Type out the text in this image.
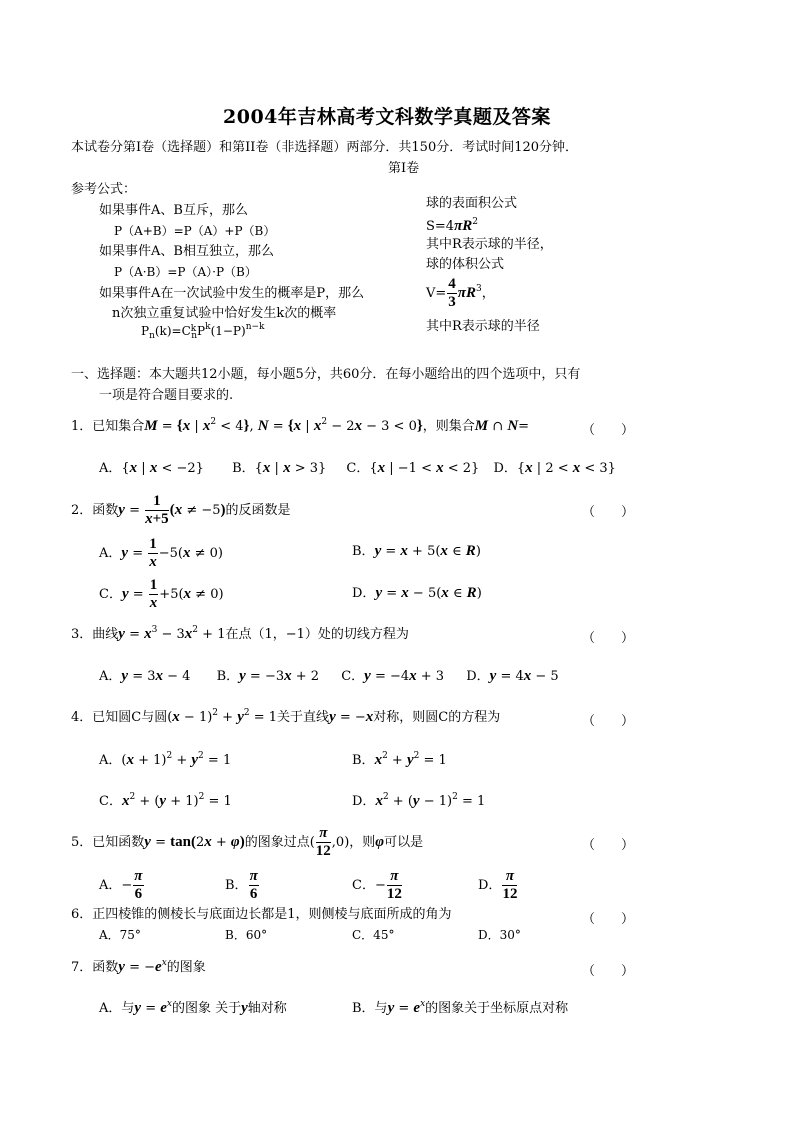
2004年吉林高考文科数学真题及答案
本试卷分第I卷（选择题）和第II卷（非选择题）两部分．共150分．考试时间120分钟．
第I卷
参考公式：
如果事件A、B互斥，那么
P（A+B）=P（A）+P（B）
如果事件A、B相互独立，那么
P（A·B）=P（A）·P（B）
如果事件A在一次试验中发生的概率是P，那么
n次独立重复试验中恰好发生k次的概率
$P_n(k)=C_{kn}P^k(1-P)^{n-k}$
球的表面积公式
$S=4\pi R^2$
其中R表示球的半径，
球的体积公式
$V= \frac{4}{3} \pi R^3$，
其中R表示球的半径
一、选择题：本大题共12小题，每小题5分，共60分．在每小题给出的四个选项中，只有
一项是符合题目要求的.
1．已知集合M = {x | $x^2 < 4$}, N = {x | $x^2 - 2x - 3 < 0$}，则集合M ∩ N=	（　　）
A．{x | x < −2} B．{x | x > 3} C．{x | −1 < x < 2} D．{x | 2 < x < 3}
2．函数$y = \frac{1}{x+5} (x \ne -5)$的反函数是	（　　）
A．$y = \frac{1}{x} -5(x \ne 0)$	B．y = x + 5(x ∈ R)
C．$y = \frac{1}{x} +5(x \ne 0)$	D．y = x − 5(x ∈ R)
3．曲线$y = x^3 - 3x^2 + 1$在点（1，−1）处的切线方程为	（　　）
A．y = 3x − 4 B．y = −3x + 2 C．y = −4x + 3 D．y = 4x − 5
4．已知圆C与圆$(x - 1)^2 + y^2 = 1$关于直线y = −x对称，则圆C的方程为	（　　）
A．$(x + 1)^2 + y^2 = 1$	B．$x^2 + y^2 = 1$
C．$x^2 + (y + 1)^2 = 1$	D．$x^2 + (y - 1)^2 = 1$
5．已知函数y = tan(2x + φ)的图象过点( $\frac{\pi}{12} ,0$)，则φ可以是	（　　）
A．− $\frac{\pi}{6}$	B． $\frac{\pi}{6}$	C．− $\frac{\pi}{12}$	D． $\frac{\pi}{12}$
6．正四棱锥的侧棱长与底面边长都是1，则侧棱与底面所成的角为	（　　）
A．75°	B．60°	C．45°	D．30°
7．函数$y = -e^x$的图象	（　　）
A．与$y = e^x$的图象 关于y轴对称	B．与$y = e^x$的图象关于坐标原点对称
